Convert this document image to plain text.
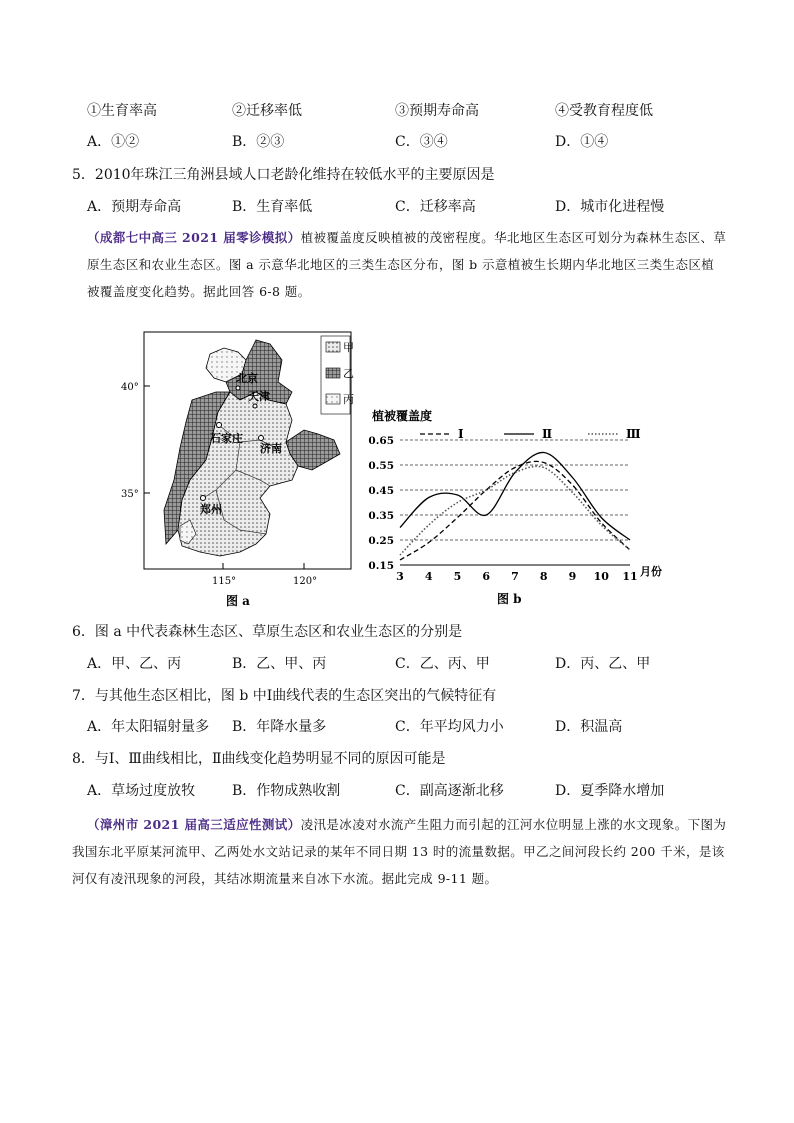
①生育率高	②迁移率低	③预期寿命高	④受教育程度低
A．①②	B．②③	C．③④	D．①④
5．2010年珠江三角洲县域人口老龄化维持在较低水平的主要原因是
A．预期寿命高	B．生育率低	C．迁移率高	D．城市化进程慢
（成都七中高三 2021 届零诊模拟）植被覆盖度反映植被的茂密程度。华北地区生态区可划分为森林生态区、草原生态区和农业生态区。图 a 示意华北地区的三类生态区分布，图 b 示意植被生长期内华北地区三类生态区植被覆盖度变化趋势。据此回答 6-8 题。
甲
乙
丙
北京
天津
石家庄
济南
郑州
40°
35°
115°	120°
图 a
植被覆盖度
月份
图 b
Ⅰ	Ⅱ	Ⅲ
0.15
0.25
0.35
0.45
0.55
0.65
3 4 5 6 7 8 9 10 11
6．图 a 中代表森林生态区、草原生态区和农业生态区的分别是
A．甲、乙、丙	B．乙、甲、丙	C．乙、丙、甲	D．丙、乙、甲
7．与其他生态区相比，图 b 中Ⅰ曲线代表的生态区突出的气候特征有
A．年太阳辐射量多 B．年降水量多	C．年平均风力小	D．积温高
8．与Ⅰ、Ⅲ曲线相比，Ⅱ曲线变化趋势明显不同的原因可能是
A．草场过度放牧	B．作物成熟收割	C．副高逐渐北移	D．夏季降水增加
（漳州市 2021 届高三适应性测试）凌汛是冰凌对水流产生阻力而引起的江河水位明显上涨的水文现象。下图为我国东北平原某河流甲、乙两处水文站记录的某年不同日期 13 时的流量数据。甲乙之间河段长约 200 千米，是该河仅有凌汛现象的河段，其结冰期流量来自冰下水流。据此完成 9-11 题。
